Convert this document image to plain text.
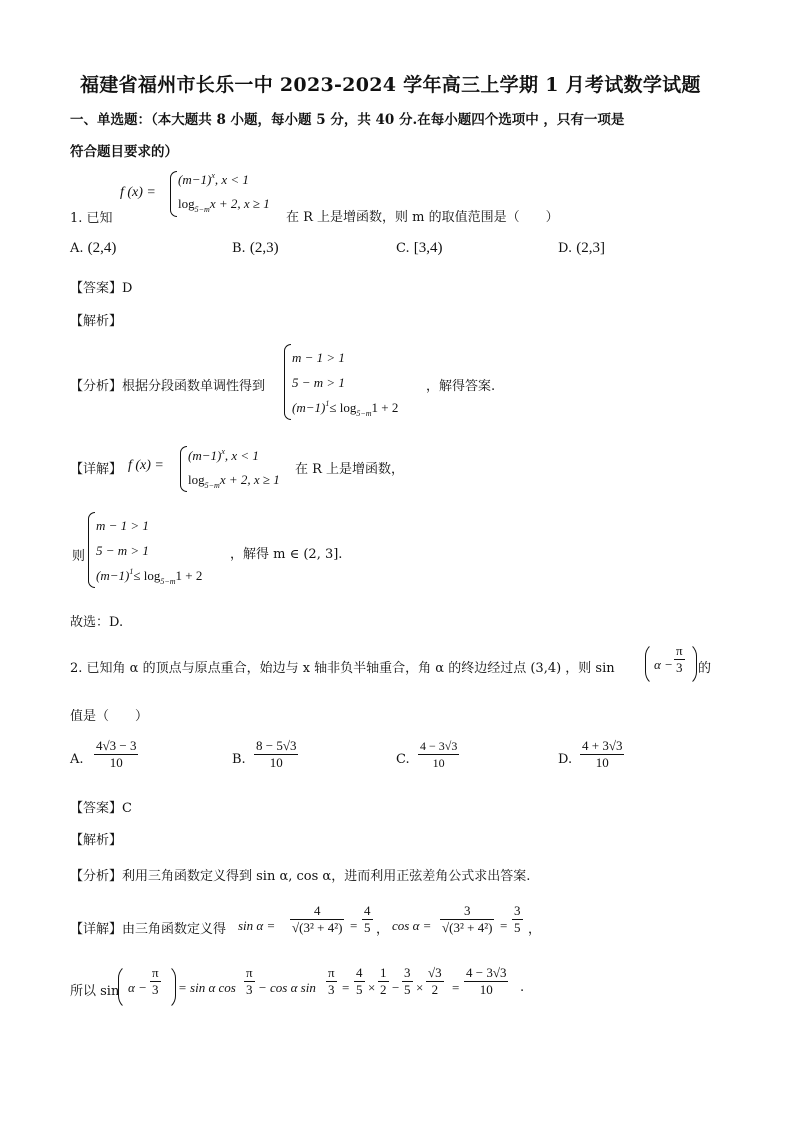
福建省福州市长乐一中 2023-2024 学年高三上学期 1 月考试数学试题
一、单选题：（本大题共 8 小题，每小题 5 分，共 40 分.在每小题四个选项中 ，只有一项是
符合题目要求的）
f (x) =
$(m-1)^x$, x < 1
$\log_{5-m}x + 2$, x ≥ 1
1. 已知	在 R 上是增函数，则 m 的取值范围是（　　）
A. (2,4)	B. (2,3)	C. [3,4)	D. (2,3]
【答案】D
【解析】
【分析】根据分段函数单调性得到
m − 1 > 1
5 − m > 1
$(m-1)^1\le \log_{5-m}1 + 2$
，解得答案.
【详解】 f (x) =
$(m-1)^x$, x < 1
$\log_{5-m}x + 2$, x ≥ 1
在 R 上是增函数，
则
m − 1 > 1
5 − m > 1
$(m-1)^1\le \log_{5-m}1 + 2$
，解得 m ∈ (2, 3].
故选：D.
2. 已知角 α 的顶点与原点重合，始边与 x 轴非负半轴重合，角 α 的终边经过点 (3,4) ，则 sin	$\alpha - \frac{\pi}{3}$ 的
值是（　　）
A. $\frac{4√3 - 3}{10}$	B. $\frac{8 - 5√3}{10}$	C. $\frac{4 - 3√3}{10}$	D. $\frac{4 + 3√3}{10}$
【答案】C
【解析】
【分析】利用三角函数定义得到 sin α, cos α，进而利用正弦差角公式求出答案.
【详解】由三角函数定义得 $\sin \alpha = \frac{4}{\text{√(3² + 4²)}} = \frac{4}{5}$ ， $\cos \alpha = \frac{3}{\text{√(3² + 4²)}} = \frac{3}{5}$ ，
所以 $\sin \alpha - \frac{\pi}{3} = \sin \alpha$ $\cos \frac{\pi}{3} - \cos \alpha$ $\sin \frac{\pi}{3} = \frac{4}{5} \times \frac{1}{2} - \frac{3}{5} \times \frac{√3}{2} = \frac{4 - 3√3}{10}$ .
